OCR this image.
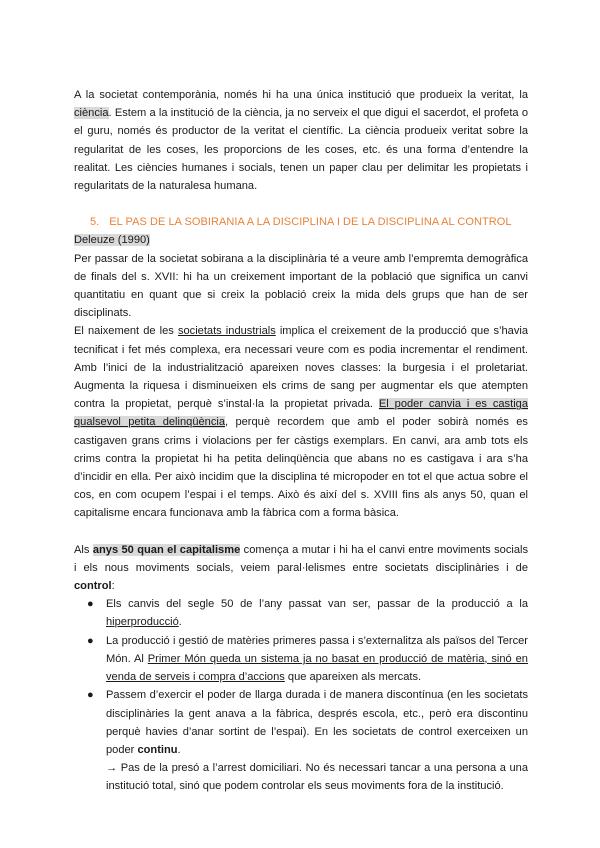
A la societat contemporània, només hi ha una única institució que produeix la veritat, la ciència. Estem a la institució de la ciència, ja no serveix el que digui el sacerdot, el profeta o el guru, només és productor de la veritat el científic. La ciència produeix veritat sobre la regularitat de les coses, les proporcions de les coses, etc. és una forma d’entendre la realitat. Les ciències humanes i socials, tenen un paper clau per delimitar les propietats i regularitats de la naturalesa humana.

5. EL PAS DE LA SOBIRANIA A LA DISCIPLINA I DE LA DISCIPLINA AL CONTROL

Deleuze (1990)

Per passar de la societat sobirana a la disciplinària té a veure amb l’empremta demogràfica de finals del s. XVII: hi ha un creixement important de la població que significa un canvi quantitatiu en quant que si creix la població creix la mida dels grups que han de ser disciplinats.

El naixement de les societats industrials implica el creixement de la producció que s’havia tecnificat i fet més complexa, era necessari veure com es podia incrementar el rendiment. Amb l’inici de la industrialització apareixen noves classes: la burgesia i el proletariat. Augmenta la riquesa i disminueixen els crims de sang per augmentar els que atempten contra la propietat, perquè s’instal·la la propietat privada. El poder canvia i es castiga qualsevol petita delinqüència, perquè recordem que amb el poder sobirà només es castigaven grans crims i violacions per fer càstigs exemplars. En canvi, ara amb tots els crims contra la propietat hi ha petita delinqüència que abans no es castigava i ara s’ha d’incidir en ella. Per això incidim que la disciplina té micropoder en tot el que actua sobre el cos, en com ocupem l’espai i el temps. Això és així del s. XVIII fins als anys 50, quan el capitalisme encara funcionava amb la fàbrica com a forma bàsica.

Als anys 50 quan el capitalisme comença a mutar i hi ha el canvi entre moviments socials i els nous moviments socials, veiem paral·lelismes entre societats disciplinàries i de control:

● Els canvis del segle 50 de l’any passat van ser, passar de la producció a la hiperproducció.
● La producció i gestió de matèries primeres passa i s’externalitza als països del Tercer Món. Al Primer Món queda un sistema ja no basat en producció de matèria, sinó en venda de serveis i compra d’accions que apareixen als mercats.
● Passem d’exercir el poder de llarga durada i de manera discontínua (en les societats disciplinàries la gent anava a la fàbrica, després escola, etc., però era discontinu perquè havies d’anar sortint de l’espai). En les societats de control exerceixen un poder continu.
→ Pas de la presó a l’arrest domiciliari. No és necessari tancar a una persona a una institució total, sinó que podem controlar els seus moviments fora de la institució.
